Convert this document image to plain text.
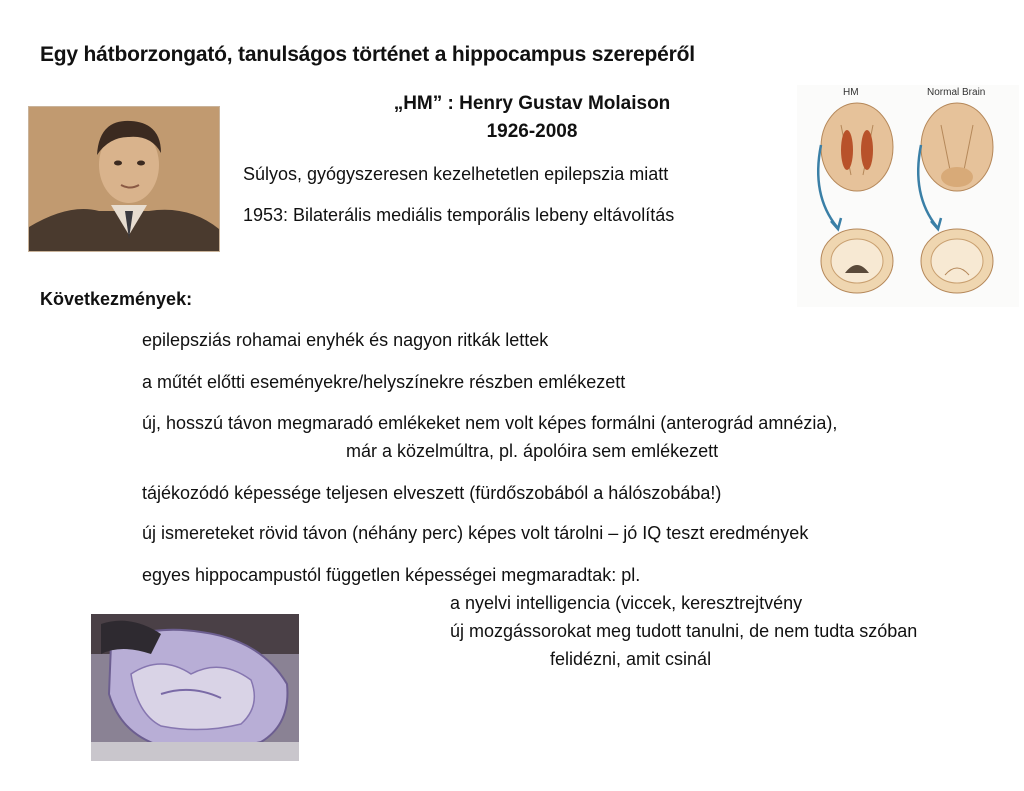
Egy hátborzongató, tanulságos történet a hippocampus szerepéről
„HM” : Henry Gustav Molaison
1926-2008
Súlyos, gyógyszeresen kezelhetetlen epilepszia miatt
1953: Bilaterális mediális temporális lebeny eltávolítás
HM	Normal Brain
Következmények:
epilepsziás rohamai enyhék és nagyon ritkák lettek
a műtét előtti eseményekre/helyszínekre részben emlékezett
új, hosszú távon megmaradó emlékeket nem volt képes formálni (anterográd amnézia),
már a közelmúltra, pl. ápolóira sem emlékezett
tájékozódó képessége teljesen elveszett (fürdőszobából a hálószobába!)
új ismereteket rövid távon (néhány perc) képes volt tárolni – jó IQ teszt eredmények
egyes hippocampustól független képességei megmaradtak: pl.
a nyelvi intelligencia (viccek, keresztrejtvény
új mozgássorokat meg tudott tanulni, de nem tudta szóban
felidézni, amit csinál
